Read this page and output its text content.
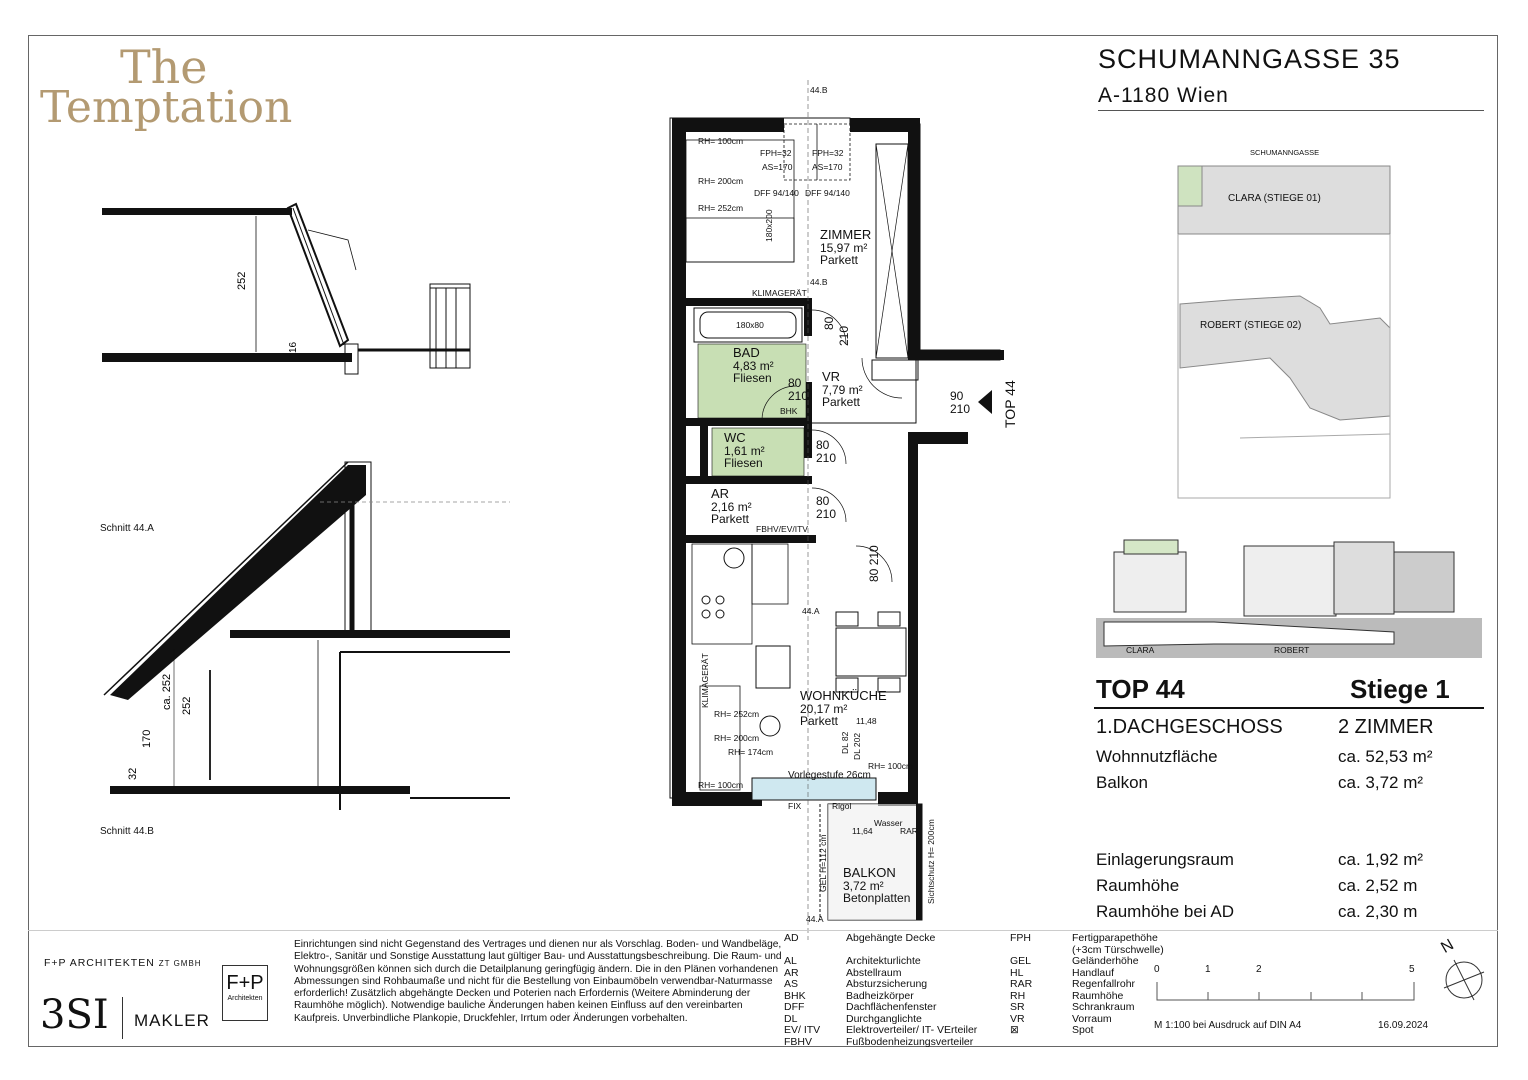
The
Temptation
SCHUMANNGASSE 35
A-1180 Wien
252
16
ca. 252 252
170
32
Schnitt 44.A
Schnitt 44.B
44.B
44.B
44.A
44.A
RH= 100cm
RH= 200cm
RH= 252cm
FPH=32
AS=170
FPH=32
AS=170
DFF 94/140 DFF 94/140
180x200
KLIMAGERÄT
180x80
BHK
FBHV/EV/ITV
RH= 252cm
RH= 200cm
RH= 174cm
RH= 100cm
RH= 100cm
Vorlegestufe 26cm
FIX	Rigol
Wasser
RAR
11,64
11,48
DL 82 DL 202
GEL H=112 cm	Sichtschutz H= 200cm
KLIMAGERÄT
ZIMMER
15,97 m²
Parkett
BAD
4,83 m²
Fliesen	VR
7,79 m²
Parkett
WC
1,61 m²
Fliesen
AR
2,16 m²
Parkett
WOHNKÜCHE
20,17 m²
Parkett
BALKON
3,72 m²
Betonplatten
80
210
80
210
80
210
80
210
80 210
90
210 TOP 44
SCHUMANNGASSE
CLARA (STIEGE 01)
ROBERT (STIEGE 02)
CLARA	ROBERT
TOP 44	Stiege 1
1.DACHGESCHOSS	2 ZIMMER
Wohnnutzfläche	ca. 52,53 m²
Balkon	ca. 3,72 m²
Einlagerungsraum	ca. 1,92 m²
Raumhöhe	ca. 2,52 m
Raumhöhe bei AD	ca. 2,30 m
F+P ARCHITEKTEN ZT GMBH
F+P
Architekten
3SI MAKLER
Einrichtungen sind nicht Gegenstand des Vertrages und dienen nur als Vorschlag. Boden- und Wandbeläge, Elektro-, Sanitär und Sonstige Ausstattung laut gültiger Bau- und Ausstattungsbeschreibung. Die Raum- und Wohnungsgrößen können sich durch die Detailplanung geringfügig ändern. Die in den Plänen vorhandenen Abmessungen sind Rohbaumaße und nicht für die Bestellung von Einbaumöbeln verwendbar-Naturmasse erforderlich! Zusätzlich abgehängte Decken und Poterien nach Erfordernis (Weitere Abminderung der Raumhöhe möglich). Notwendige bauliche Änderungen haben keinen Einfluss auf den vereinbarten Kaufpreis. Unverbindliche Plankopie, Druckfehler, Irrtum oder Änderungen vorbehalten.
AD	Abgehängte Decke	FPH	Fertigparapethöhe
			(+3cm Türschwelle)
AL	Architekturlichte	GEL	Geländerhöhe
AR	Abstellraum	HL	Handlauf
AS	Absturzsicherung	RAR	Regenfallrohr
BHK	Badheizkörper	RH	Raumhöhe
DFF	Dachflächenfenster	SR	Schrankraum
DL	Durchganglichte	VR	Vorraum
EV/ ITV	Elektroverteiler/ IT- VErteiler	⊠	Spot
FBHV	Fußbodenheizungsverteiler		
0	1	2	5
M 1:100 bei Ausdruck auf DIN A4	16.09.2024
N
